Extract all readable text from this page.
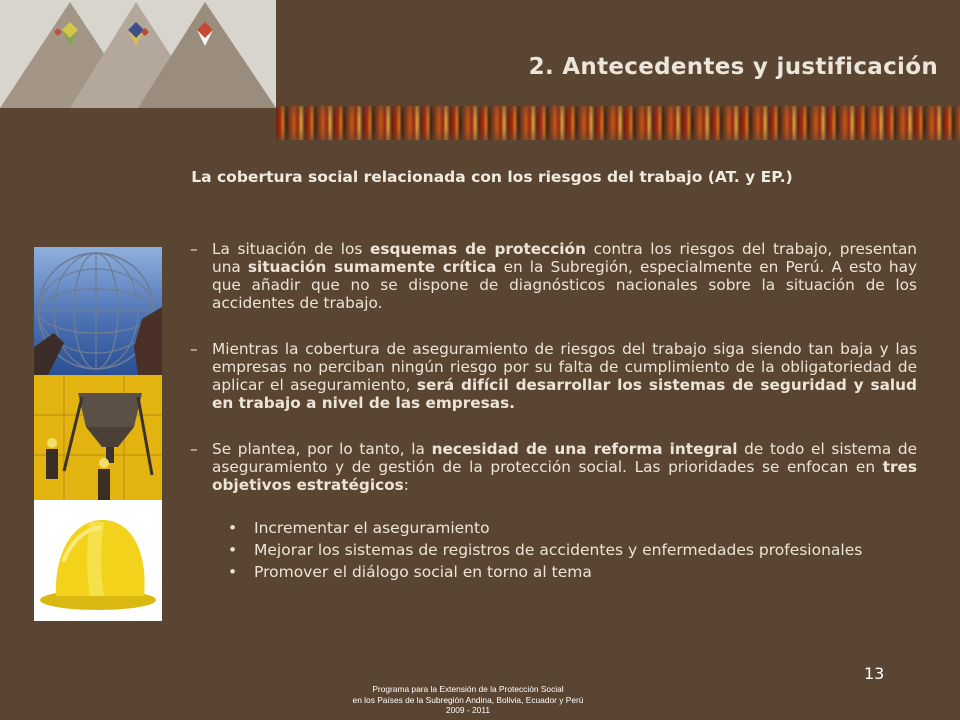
2. Antecedentes y justificación
La cobertura social relacionada con los riesgos del trabajo (AT. y EP.)
– La situación de los esquemas de protección contra los riesgos del trabajo, presentan una situación sumamente crítica en la Subregión, especialmente en Perú. A esto hay que añadir que no se dispone de diagnósticos nacionales sobre la situación de los accidentes de trabajo.
– Mientras la cobertura de aseguramiento de riesgos del trabajo siga siendo tan baja y las empresas no perciban ningún riesgo por su falta de cumplimiento de la obligatoriedad de aplicar el aseguramiento, será difícil desarrollar los sistemas de seguridad y salud en trabajo a nivel de las empresas.
– Se plantea, por lo tanto, la necesidad de una reforma integral de todo el sistema de aseguramiento y de gestión de la protección social. Las prioridades se enfocan en tres objetivos estratégicos:
•	Incrementar el aseguramiento
•	Mejorar los sistemas de registros de accidentes y enfermedades profesionales
•	Promover el diálogo social en torno al tema
13
Programa para la Extensión de la Protección Social
en los Países de la Subregión Andina, Bolivia, Ecuador y Perú
2009 - 2011
